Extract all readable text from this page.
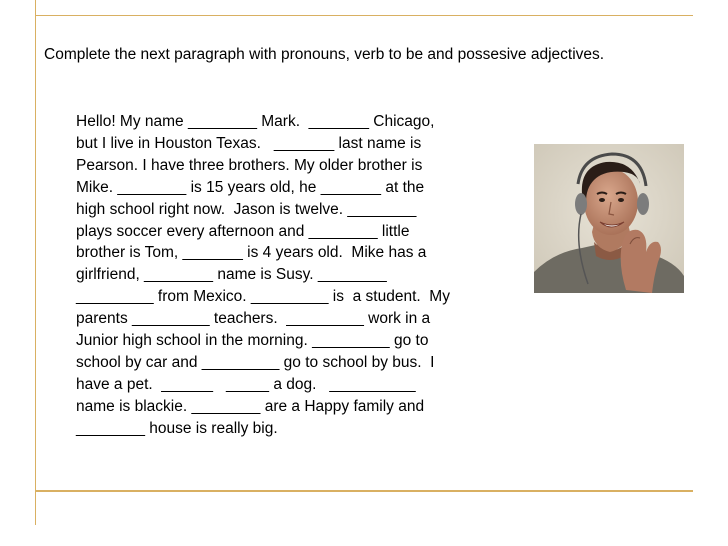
Complete the next paragraph with pronouns, verb to be and possesive adjectives.

Hello! My name ________ Mark.  _______ Chicago,
but I live in Houston Texas.   _______ last name is
Pearson. I have three brothers. My older brother is
Mike. ________ is 15 years old, he _______ at the
high school right now.  Jason is twelve. ________
plays soccer every afternoon and ________ little
brother is Tom, _______ is 4 years old.  Mike has a
girlfriend, ________ name is Susy. ________
_________ from Mexico. _________ is  a student.  My
parents _________ teachers.  _________ work in a
Junior high school in the morning. _________ go to
school by car and _________ go to school by bus.  I
have a pet.  ______   _____ a dog.   __________
name is blackie. ________ are a Happy family and
________ house is really big.
